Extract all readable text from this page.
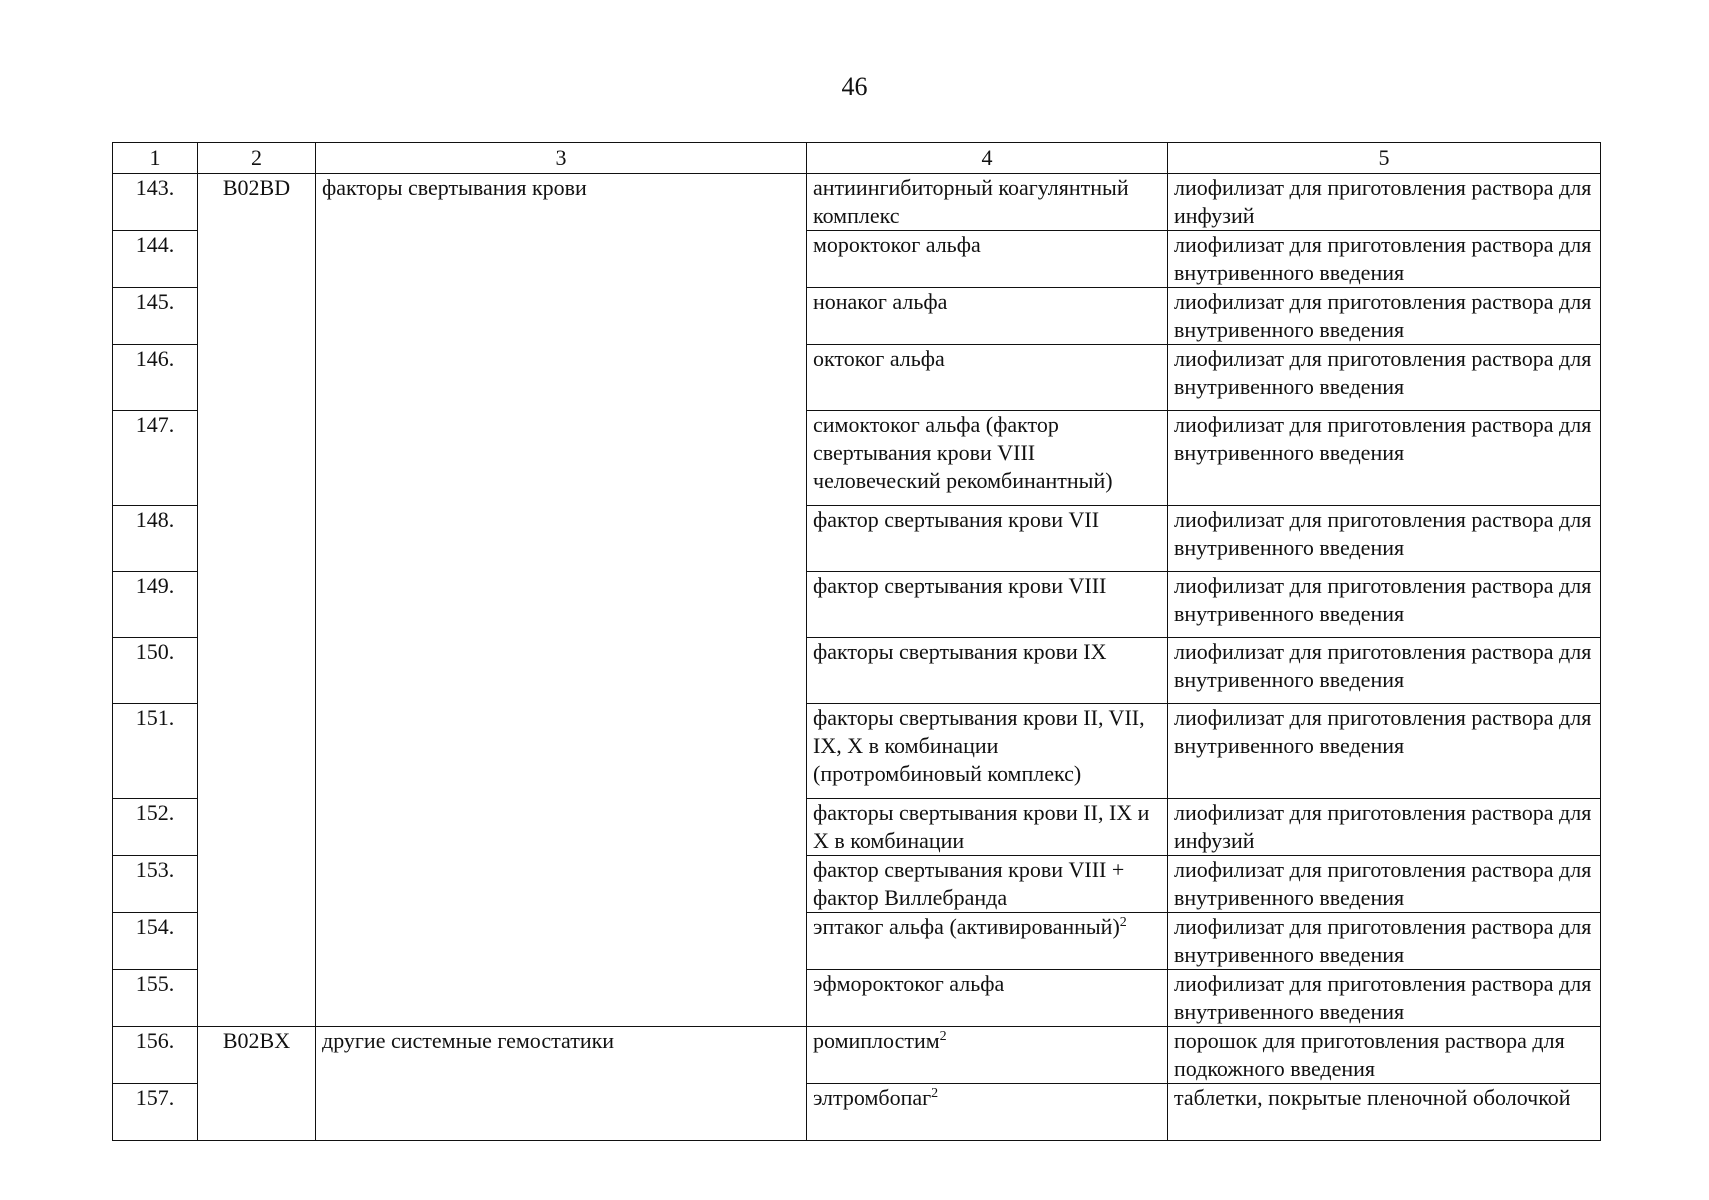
46
1	2	3	4	5
143.	B02BD	факторы свертывания крови	антиингибиторный коагулянтный комплекс	лиофилизат для приготовления раствора для инфузий
144.			мороктоког альфа	лиофилизат для приготовления раствора для внутривенного введения
145.			нонаког альфа	лиофилизат для приготовления раствора для внутривенного введения
146.			октоког альфа	лиофилизат для приготовления раствора для внутривенного введения
147.			симоктоког альфа (фактор свертывания крови VIII человеческий рекомбинантный)	лиофилизат для приготовления раствора для внутривенного введения
148.			фактор свертывания крови VII	лиофилизат для приготовления раствора для внутривенного введения
149.			фактор свертывания крови VIII	лиофилизат для приготовления раствора для внутривенного введения
150.			факторы свертывания крови IX	лиофилизат для приготовления раствора для внутривенного введения
151.			факторы свертывания крови II, VII, IX, X в комбинации (протромбиновый комплекс)	лиофилизат для приготовления раствора для внутривенного введения
152.			факторы свертывания крови II, IX и X в комбинации	лиофилизат для приготовления раствора для инфузий
153.			фактор свертывания крови VIII + фактор Виллебранда	лиофилизат для приготовления раствора для внутривенного введения
154.			эптаког альфа (активированный)$^2$	лиофилизат для приготовления раствора для внутривенного введения
155.			эфмороктоког альфа	лиофилизат для приготовления раствора для внутривенного введения
156.	B02BX	другие системные гемостатики	ромиплостим$^2$	порошок для приготовления раствора для подкожного введения
157.			элтромбопаг$^2$	таблетки, покрытые пленочной оболочкой
